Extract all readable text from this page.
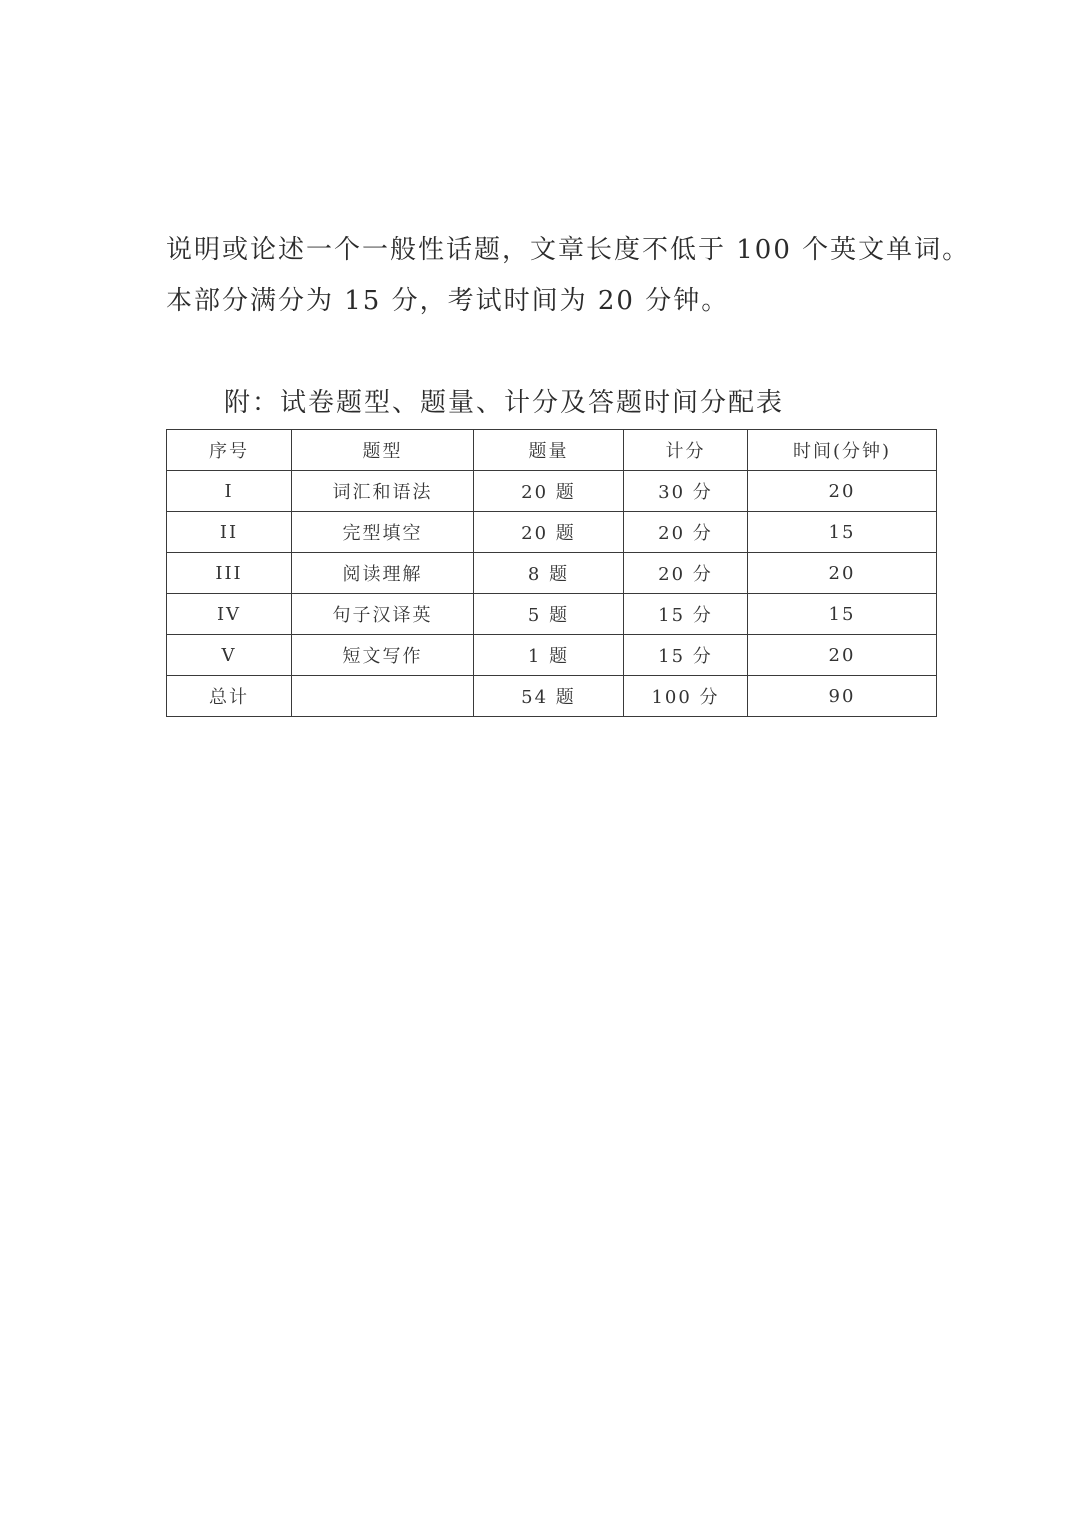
说明或论述一个一般性话题，文章长度不低于 100 个英文单词。
本部分满分为 15 分，考试时间为 20 分钟。
附：试卷题型、题量、计分及答题时间分配表
序号	题型	题量	计分	时间(分钟)
I	词汇和语法	20 题	30 分	20
II	完型填空	20 题	20 分	15
III	阅读理解	8 题	20 分	20
IV	句子汉译英	5 题	15 分	15
V	短文写作	1 题	15 分	20
总计		54 题	100 分	90
